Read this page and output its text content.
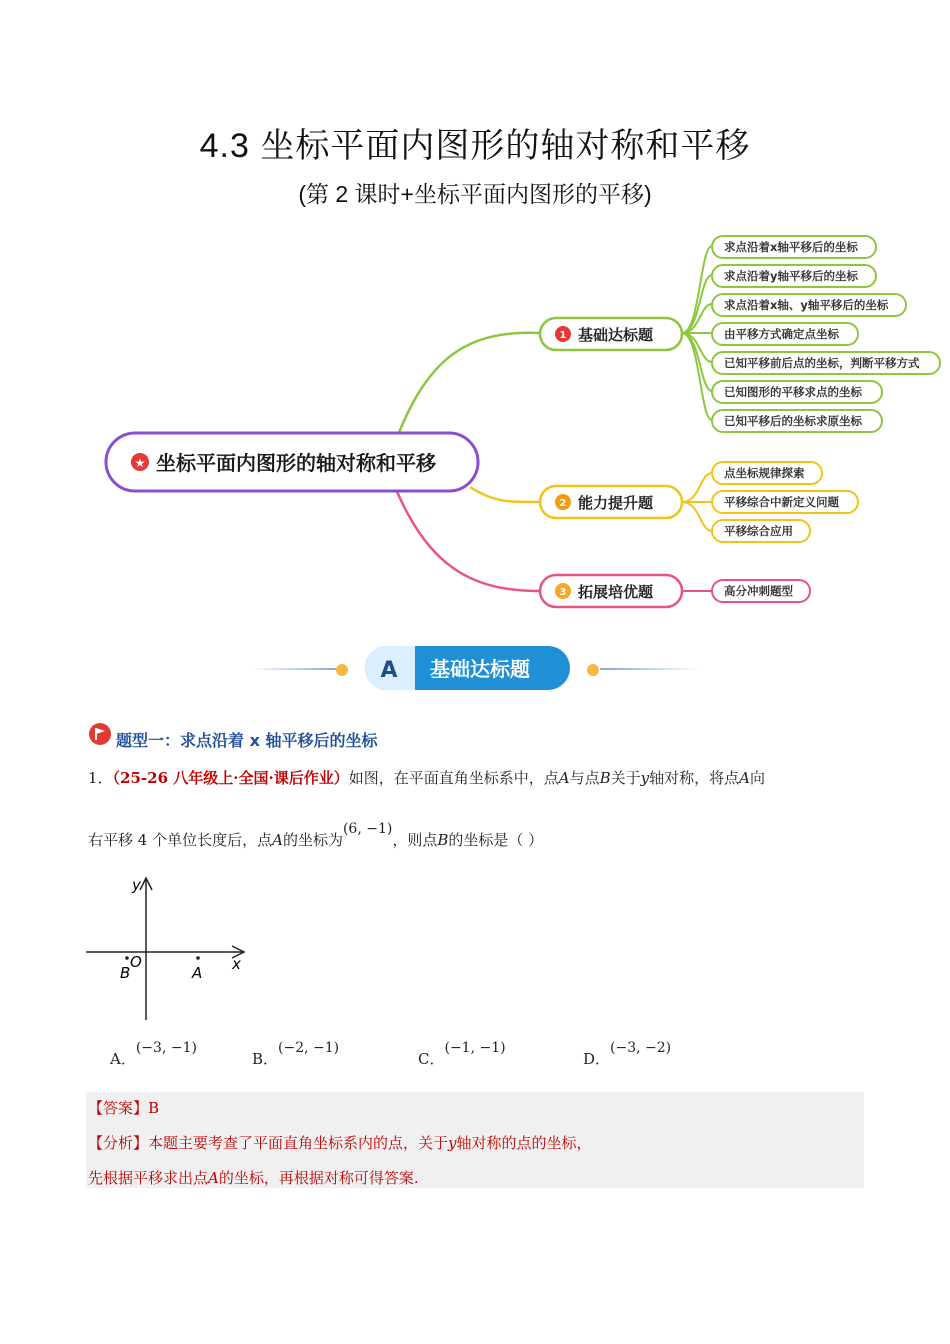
4.3 坐标平面内图形的轴对称和平移
(第 2 课时+坐标平面内图形的平移)
★ 坐标平面内图形的轴对称和平移
1 基础达标题
2 能力提升题
3 拓展培优题
求点沿着x轴平移后的坐标
求点沿着y轴平移后的坐标
求点沿着x轴、y轴平移后的坐标
由平移方式确定点坐标
已知平移前后点的坐标，判断平移方式
已知图形的平移求点的坐标
已知平移后的坐标求原坐标
点坐标规律探索
平移综合中新定义问题
平移综合应用
高分冲刺题型
A 基础达标题
题型一：求点沿着 x 轴平移后的坐标
1．（25-26 八年级上·全国·课后作业）如图，在平面直角坐标系中，点A与点B关于y轴对称，将点A向
右平移 4 个单位长度后，点A的坐标为(6, −1)，则点B的坐标是（ ）
y
x
O
B	A
A．(−3, −1)
B．(−2, −1)
C．(−1, −1)
D．(−3, −2)
【答案】B
【分析】本题主要考查了平面直角坐标系内的点，关于y轴对称的点的坐标，
先根据平移求出点A的坐标，再根据对称可得答案.
